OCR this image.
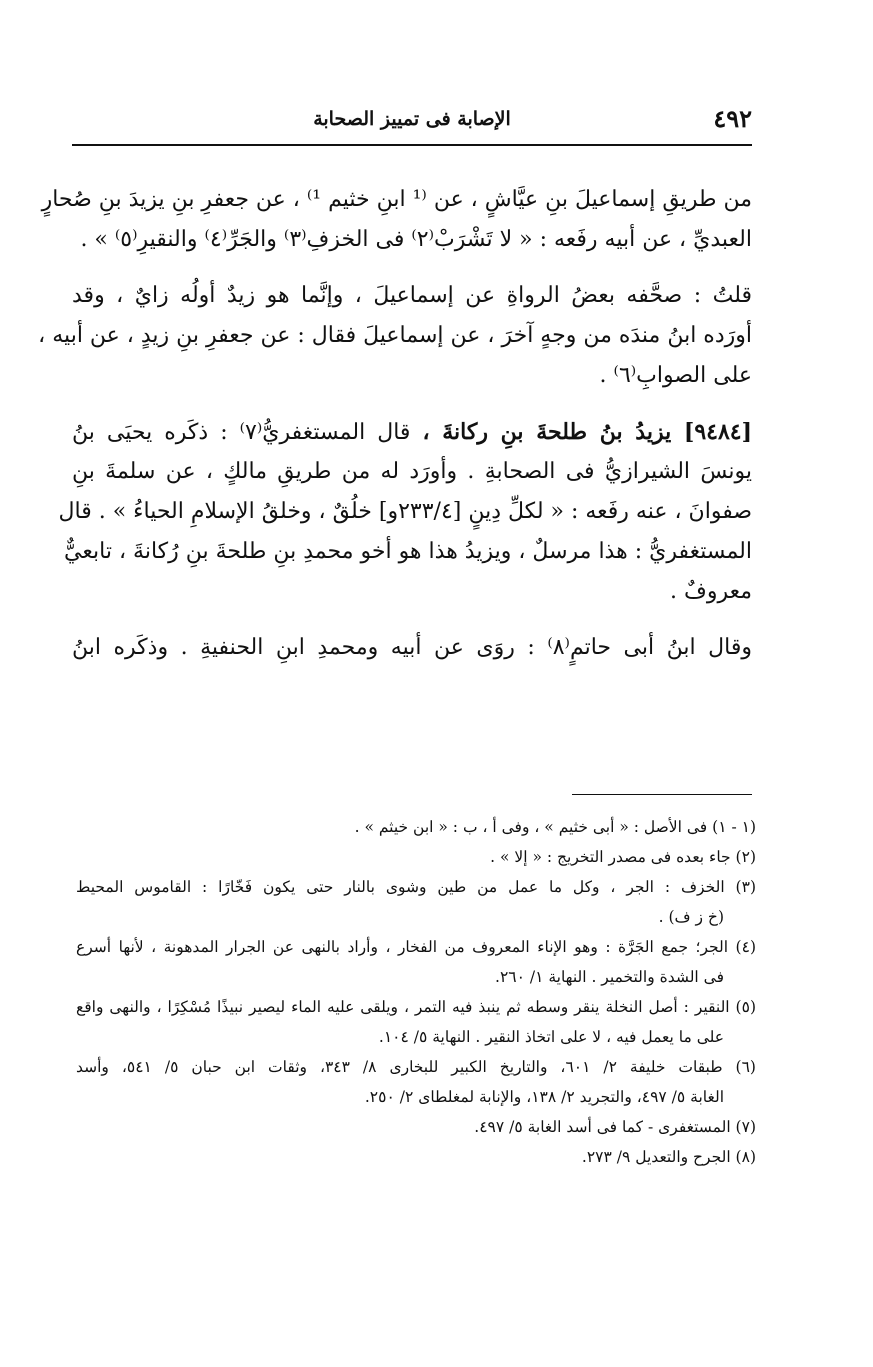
٤٩٢
الإصابة فى تمييز الصحابة
من طريقِ إسماعيلَ بنِ عيَّاشٍ ، عن ⁽¹ ابنِ خثيم ¹⁾ ، عن جعفرِ بنِ يزيدَ بنِ صُحارٍ
العبديِّ ، عن أبيه رفَعه : « لا تَشْرَبْ⁽٢⁾ فى الخزفِ⁽٣⁾ والجَرِّ⁽٤⁾ والنقيرِ⁽٥⁾ » .
قلتُ : صحَّفه بعضُ الرواةِ عن إسماعيلَ ، وإنَّما هو زيدٌ أولُه زايٌ ، وقد
أورَده ابنُ مندَه من وجهٍ آخرَ ، عن إسماعيلَ فقال : عن جعفرِ بنِ زيدٍ ، عن أبيه ،
على الصوابِ⁽٦⁾ .
[٩٤٨٤] يزيدُ بنُ طلحةَ بنِ ركانةَ ، قال المستغفريُّ⁽٧⁾ : ذكَره يحيَى بنُ
يونسَ الشيرازيُّ فى الصحابةِ . وأورَد له من طريقِ مالكٍ ، عن سلمةَ بنِ
صفوانَ ، عنه رفَعه : « لكلِّ دِينٍ [٢٣٣/٤و] خلُقٌ ، وخلقُ الإسلامِ الحياءُ » . قال
المستغفريُّ : هذا مرسلٌ ، ويزيدُ هذا هو أخو محمدِ بنِ طلحةَ بنِ رُكانةَ ، تابعيٌّ
معروفٌ .
وقال ابنُ أبى حاتمٍ⁽٨⁾ : روَى عن أبيه ومحمدِ ابنِ الحنفيةِ . وذكَره ابنُ
(١ - ١) فى الأصل : « أبى خثيم » ، وفى أ ، ب : « ابن خيثم » .
(٢) جاء بعده فى مصدر التخريج : « إلا » .
(٣) الخزف : الجر ، وكل ما عمل من طين وشوى بالنار حتى يكون فَخّارًا : القاموس المحيط
(خ ز ف) .
(٤) الجر؛ جمع الجَرَّة : وهو الإناء المعروف من الفخار ، وأراد بالنهى عن الجرار المدهونة ، لأنها أسرع
فى الشدة والتخمير . النهاية ١/ ٢٦٠.
(٥) النقير : أصل النخلة ينقر وسطه ثم ينبذ فيه التمر ، ويلقى عليه الماء ليصير نبيذًا مُسْكِرًا ، والنهى واقع
على ما يعمل فيه ، لا على اتخاذ النقير . النهاية ٥/ ١٠٤.
(٦) طبقات خليفة ٢/ ٦٠١، والتاريخ الكبير للبخارى ٨/ ٣٤٣، وثقات ابن حبان ٥/ ٥٤١، وأسد
الغابة ٥/ ٤٩٧، والتجريد ٢/ ١٣٨، والإنابة لمغلطاى ٢/ ٢٥٠.
(٧) المستغفرى - كما فى أسد الغابة ٥/ ٤٩٧.
(٨) الجرح والتعديل ٩/ ٢٧٣.
